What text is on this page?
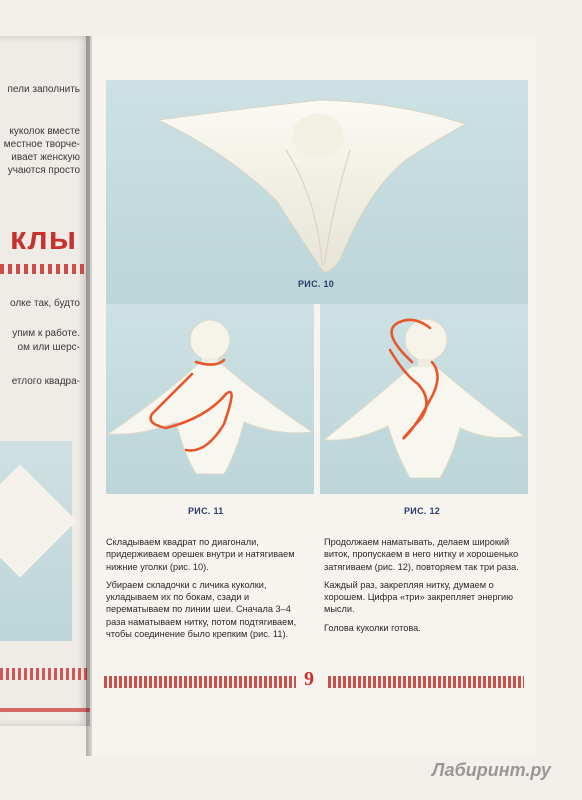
пели заполнить
куколок вместе
местное творче-
ивает женскую
учаются просто
клы
олке так, будто
упим к работе.
ом или шерс-
етлого квадра-
РИС. 10
РИС. 11	РИС. 12

Складываем квадрат по диагонали, придерживаем орешек внутри и натягиваем нижние уголки (рис. 10).

Убираем складочки с личика куколки, укладываем их по бокам, сзади и перематываем по линии шеи. Сначала 3–4 раза наматываем нитку, потом подтягиваем, чтобы соединение было крепким (рис. 11).

Продолжаем наматывать, делаем широкий виток, пропускаем в него нитку и хорошенько затягиваем (рис. 12), повторяем так три раза.

Каждый раз, закрепляя нитку, думаем о хорошем. Цифра «три» закрепляет энергию мысли.

Голова куколки готова.

9
Лабиринт.ру
